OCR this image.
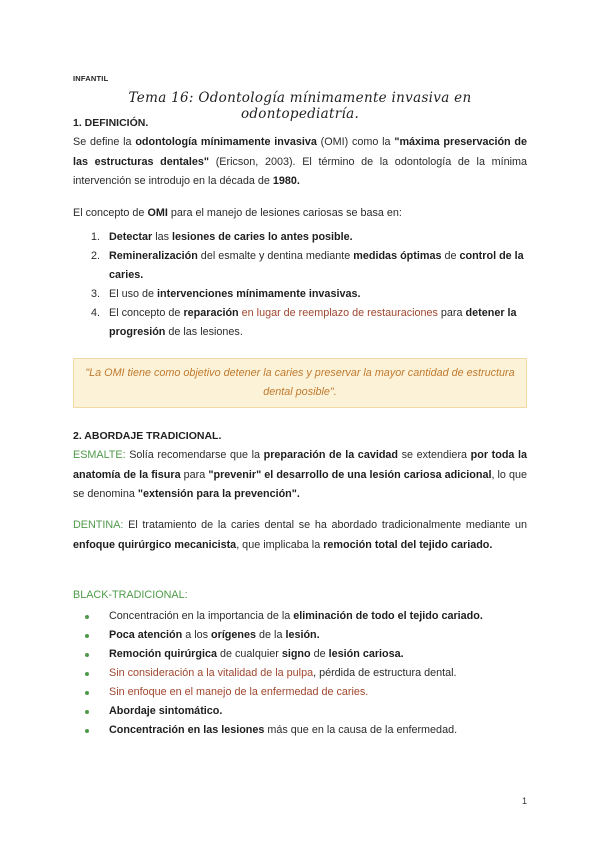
INFANTIL
Tema 16: Odontología mínimamente invasiva en odontopediatría.
1. DEFINICIÓN.
Se define la odontología mínimamente invasiva (OMI) como la "máxima preservación de las estructuras dentales" (Ericson, 2003). El término de la odontología de la mínima intervención se introdujo en la década de 1980.
El concepto de OMI para el manejo de lesiones cariosas se basa en:
1. Detectar las lesiones de caries lo antes posible.
2. Remineralización del esmalte y dentina mediante medidas óptimas de control de la caries.
3. El uso de intervenciones mínimamente invasivas.
4. El concepto de reparación en lugar de reemplazo de restauraciones para detener la progresión de las lesiones.
"La OMI tiene como objetivo detener la caries y preservar la mayor cantidad de estructura dental posible".
2. ABORDAJE TRADICIONAL.
ESMALTE: Solía recomendarse que la preparación de la cavidad se extendiera por toda la anatomía de la fisura para "prevenir" el desarrollo de una lesión cariosa adicional, lo que se denomina "extensión para la prevención".
DENTINA: El tratamiento de la caries dental se ha abordado tradicionalmente mediante un enfoque quirúrgico mecanicista, que implicaba la remoción total del tejido cariado.
BLACK-TRADICIONAL:
Concentración en la importancia de la eliminación de todo el tejido cariado.
Poca atención a los orígenes de la lesión.
Remoción quirúrgica de cualquier signo de lesión cariosa.
Sin consideración a la vitalidad de la pulpa, pérdida de estructura dental.
Sin enfoque en el manejo de la enfermedad de caries.
Abordaje sintomático.
Concentración en las lesiones más que en la causa de la enfermedad.
1
